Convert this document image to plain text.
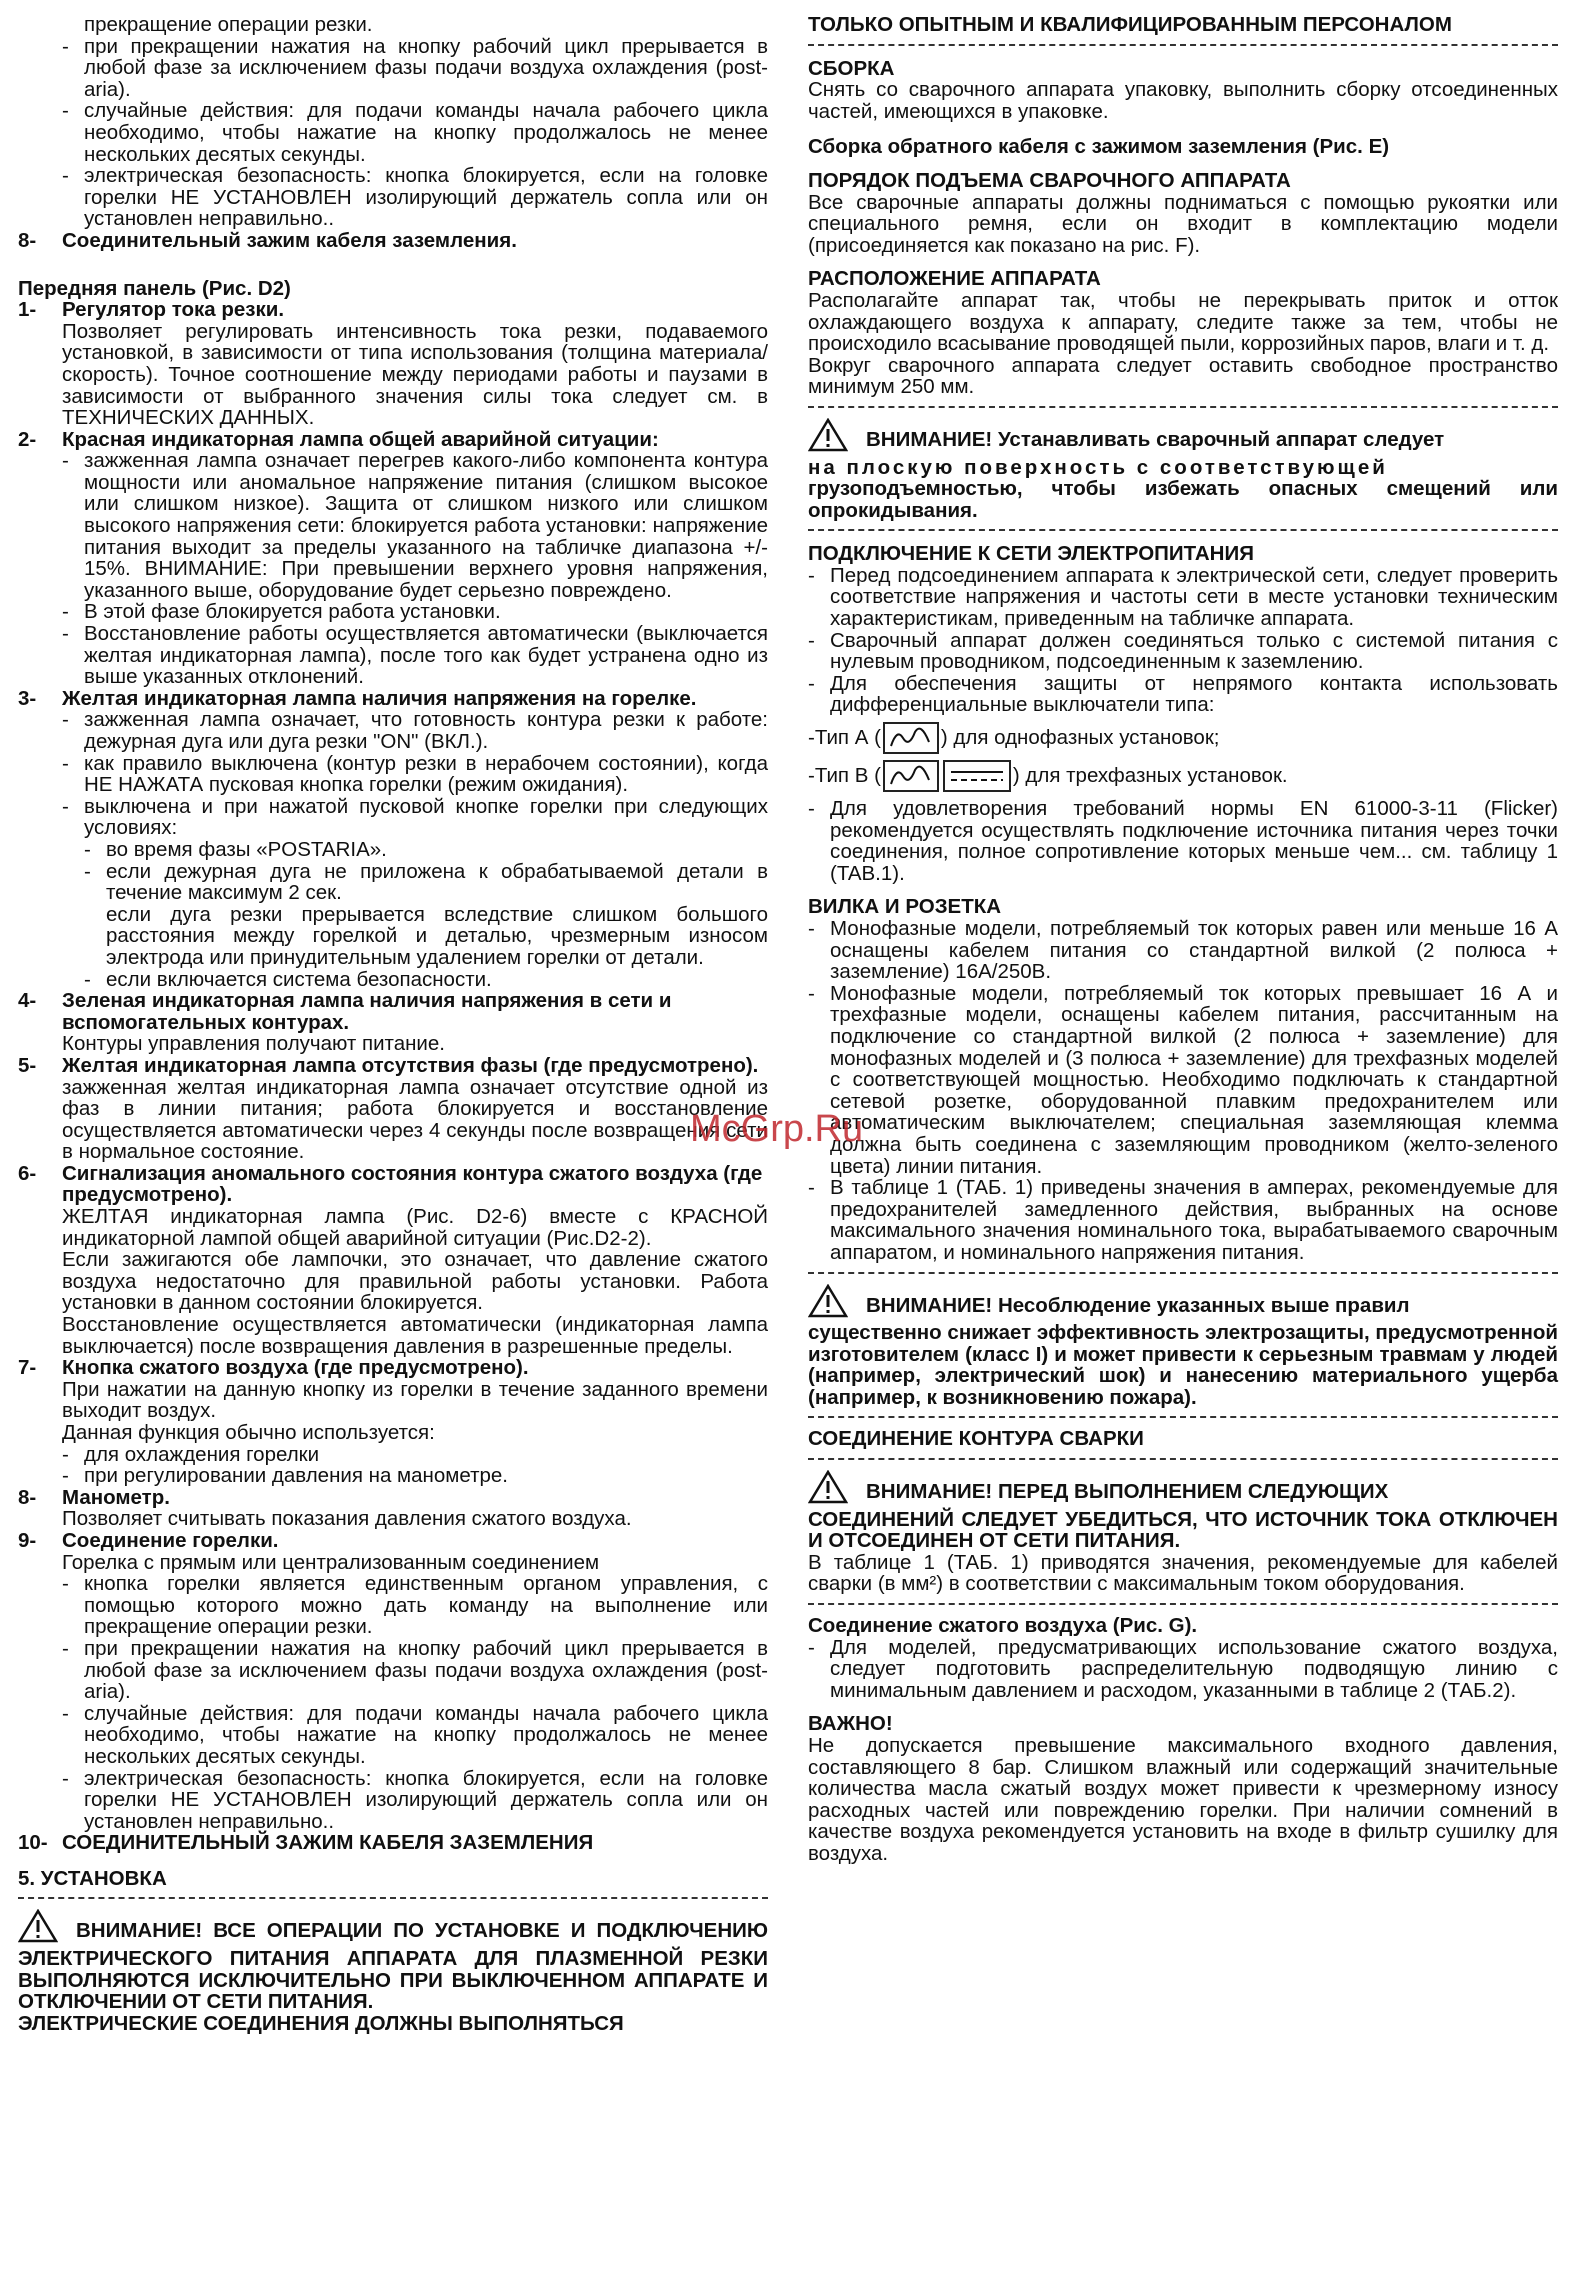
прекращение операции резки.
- при прекращении нажатия на кнопку рабочий цикл прерывается в любой фазе за исключением фазы подачи воздуха охлаждения (post-aria).
- случайные действия: для подачи команды начала рабочего цикла необходимо, чтобы нажатие на кнопку продолжалось не менее нескольких десятых секунды.
- электрическая безопасность: кнопка блокируется, если на головке горелки НЕ УСТАНОВЛЕН изолирующий держатель сопла или он установлен неправильно..
8-	Соединительный зажим кабеля заземления.

Передняя панель (Рис. D2)

1-	Регулятор тока резки.

Позволяет регулировать интенсивность тока резки, подаваемого установкой, в зависимости от типа использования (толщина материала/скорость). Точное соотношение между периодами работы и паузами в зависимости от выбранного значения силы тока следует см. в ТЕХНИЧЕСКИХ ДАННЫХ.

2-	Красная индикаторная лампа общей аварийной ситуации:
- зажженная лампа означает перегрев какого-либо компонента контура мощности или аномальное напряжение питания (слишком высокое или слишком низкое). Защита от слишком низкого или слишком высокого напряжения сети: блокируется работа установки: напряжение питания выходит за пределы указанного на табличке диапазона +/- 15%. ВНИМАНИЕ: При превышении верхнего уровня напряжения, указанного выше, оборудование будет серьезно повреждено.
- В этой фазе блокируется работа установки.
- Восстановление работы осуществляется автоматически (выключается желтая индикаторная лампа), после того как будет устранена одно из выше указанных отклонений.
3-	Желтая индикаторная лампа наличия напряжения на горелке.
- зажженная лампа означает, что готовность контура резки к работе: дежурная дуга или дуга резки "ON" (ВКЛ.).
- как правило выключена (контур резки в нерабочем состоянии), когда НЕ НАЖАТА пусковая кнопка горелки (режим ожидания).
- выключена и при нажатой пусковой кнопке горелки при следующих условиях:
- во время фазы «POSTARIA».
- если дежурная дуга не приложена к обрабатываемой детали в течение максимум 2 сек.

если дуга резки прерывается вследствие слишком большого расстояния между горелкой и деталью, чрезмерным износом электрода или принудительным удалением горелки от детали.

- если включается система безопасности.
4-	Зеленая индикаторная лампа наличия напряжения в сети и вспомогательных контурах.

Контуры управления получают питание.

5-	Желтая индикаторная лампа отсутствия фазы (где предусмотрено).

зажженная желтая индикаторная лампа означает отсутствие одной из фаз в линии питания; работа блокируется и восстановление осуществляется автоматически через 4 секунды после возвращения сети в нормальное состояние.

6-	Сигнализация аномального состояния контура сжатого воздуха (где предусмотрено).

ЖЕЛТАЯ индикаторная лампа (Рис. D2-6) вместе с КРАСНОЙ индикаторной лампой общей аварийной ситуации (Рис.D2-2).

Если зажигаются обе лампочки, это означает, что давление сжатого воздуха недостаточно для правильной работы установки. Работа установки в данном состоянии блокируется.

Восстановление осуществляется автоматически (индикаторная лампа выключается) после возвращения давления в разрешенные пределы.

7-	Кнопка сжатого воздуха (где предусмотрено).

При нажатии на данную кнопку из горелки в течение заданного времени выходит воздух.

Данная функция обычно используется:

- для охлаждения горелки
- при регулировании давления на манометре.
8-	Манометр.

Позволяет считывать показания давления сжатого воздуха.

9-	Соединение горелки.

Горелка с прямым или централизованным соединением

- кнопка горелки является единственным органом управления, с помощью которого можно дать команду на выполнение или прекращение операции резки.
- при прекращении нажатия на кнопку рабочий цикл прерывается в любой фазе за исключением фазы подачи воздуха охлаждения (post-aria).
- случайные действия: для подачи команды начала рабочего цикла необходимо, чтобы нажатие на кнопку продолжалось не менее нескольких десятых секунды.
- электрическая безопасность: кнопка блокируется, если на головке горелки НЕ УСТАНОВЛЕН изолирующий держатель сопла или он установлен неправильно..
10- СОЕДИНИТЕЛЬНЫЙ ЗАЖИМ КАБЕЛЯ ЗАЗЕМЛЕНИЯ

5. УСТАНОВКА

ВНИМАНИЕ! ВСЕ ОПЕРАЦИИ ПО УСТАНОВКЕ И ПОДКЛЮЧЕНИЮ ЭЛЕКТРИЧЕСКОГО ПИТАНИЯ АППАРАТА ДЛЯ ПЛАЗМЕННОЙ РЕЗКИ ВЫПОЛНЯЮТСЯ ИСКЛЮЧИТЕЛЬНО ПРИ ВЫКЛЮЧЕННОМ АППАРАТЕ И ОТКЛЮЧЕНИИ ОТ СЕТИ ПИТАНИЯ.

ЭЛЕКТРИЧЕСКИЕ СОЕДИНЕНИЯ ДОЛЖНЫ ВЫПОЛНЯТЬСЯ

ТОЛЬКО ОПЫТНЫМ И КВАЛИФИЦИРОВАННЫМ ПЕРСОНАЛОМ

СБОРКА

Снять со сварочного аппарата упаковку, выполнить сборку отсоединенных частей, имеющихся в упаковке.

Сборка обратного кабеля с зажимом заземления (Рис. E)

ПОРЯДОК ПОДЪЕМА СВАРОЧНОГО АППАРАТА

Все сварочные аппараты должны подниматься с помощью рукоятки или специального ремня, если он входит в комплектацию модели (присоединяется как показано на рис. F).

РАСПОЛОЖЕНИЕ АППАРАТА

Располагайте аппарат так, чтобы не перекрывать приток и отток охлаждающего воздуха к аппарату, следите также за тем, чтобы не происходило всасывание проводящей пыли, коррозийных паров, влаги и т. д.

Вокруг сварочного аппарата следует оставить свободное пространство минимум 250 мм.

ВНИМАНИЕ! Устанавливать сварочный аппарат следует

на плоскую поверхность с соответствующей

грузоподъемностью, чтобы избежать опасных смещений или опрокидывания.

ПОДКЛЮЧЕНИЕ К СЕТИ ЭЛЕКТРОПИТАНИЯ

- Перед подсоединением аппарата к электрической сети, следует проверить соответствие напряжения и частоты сети в месте установки техническим характеристикам, приведенным на табличке аппарата.
- Сварочный аппарат должен соединяться только с системой питания с нулевым проводником, подсоединенным к заземлению.
- Для обеспечения защиты от непрямого контакта использовать дифференциальные выключатели типа:
-Тип А (	) для однофазных установок;
-Тип В (	) для трехфазных установок.
- Для удовлетворения требований нормы EN 61000-3-11 (Flicker) рекомендуется осуществлять подключение источника питания через точки соединения, полное сопротивление которых меньше чем... см. таблицу 1 (TAB.1).

ВИЛКА И РОЗЕТКА

- Монофазные модели, потребляемый ток которых равен или меньше 16 А оснащены кабелем питания со стандартной вилкой (2 полюса + заземление) 16А/250В.
- Монофазные модели, потребляемый ток которых превышает 16 А и трехфазные модели, оснащены кабелем питания, рассчитанным на подключение со стандартной вилкой (2 полюса + заземление) для монофазных моделей и (3 полюса + заземление) для трехфазных моделей с соответствующей мощностью. Необходимо подключать к стандартной сетевой розетке, оборудованной плавким предохранителем или автоматическим выключателем; специальная заземляющая клемма должна быть соединена с заземляющим проводником (желто-зеленого цвета) линии питания.
- В таблице 1 (ТАБ. 1) приведены значения в амперах, рекомендуемые для предохранителей замедленного действия, выбранных на основе максимального значения номинального тока, вырабатываемого сварочным аппаратом, и номинального напряжения питания.

ВНИМАНИЕ! Несоблюдение указанных выше правил

существенно снижает эффективность электрозащиты, предусмотренной изготовителем (класс I) и может привести к серьезным травмам у людей (например, электрический шок) и нанесению материального ущерба (например, к возникновению пожара).

СОЕДИНЕНИЕ КОНТУРА СВАРКИ

ВНИМАНИЕ! ПЕРЕД ВЫПОЛНЕНИЕМ СЛЕДУЮЩИХ

СОЕДИНЕНИЙ СЛЕДУЕТ УБЕДИТЬСЯ, ЧТО ИСТОЧНИК ТОКА ОТКЛЮЧЕН И ОТСОЕДИНЕН ОТ СЕТИ ПИТАНИЯ.

В таблице 1 (ТАБ. 1) приводятся значения, рекомендуемые для кабелей сварки (в мм²) в соответствии с максимальным током оборудования.

Соединение сжатого воздуха (Рис. G).

- Для моделей, предусматривающих использование сжатого воздуха, следует подготовить распределительную подводящую линию с минимальным давлением и расходом, указанными в таблице 2 (ТАБ.2).

ВАЖНО!

Не допускается превышение максимального входного давления, составляющего 8 бар. Слишком влажный или содержащий значительные количества масла сжатый воздух может привести к чрезмерному износу расходных частей или повреждению горелки. При наличии сомнений в качестве воздуха рекомендуется установить на входе в фильтр сушилку для воздуха.

McGrp.Ru
